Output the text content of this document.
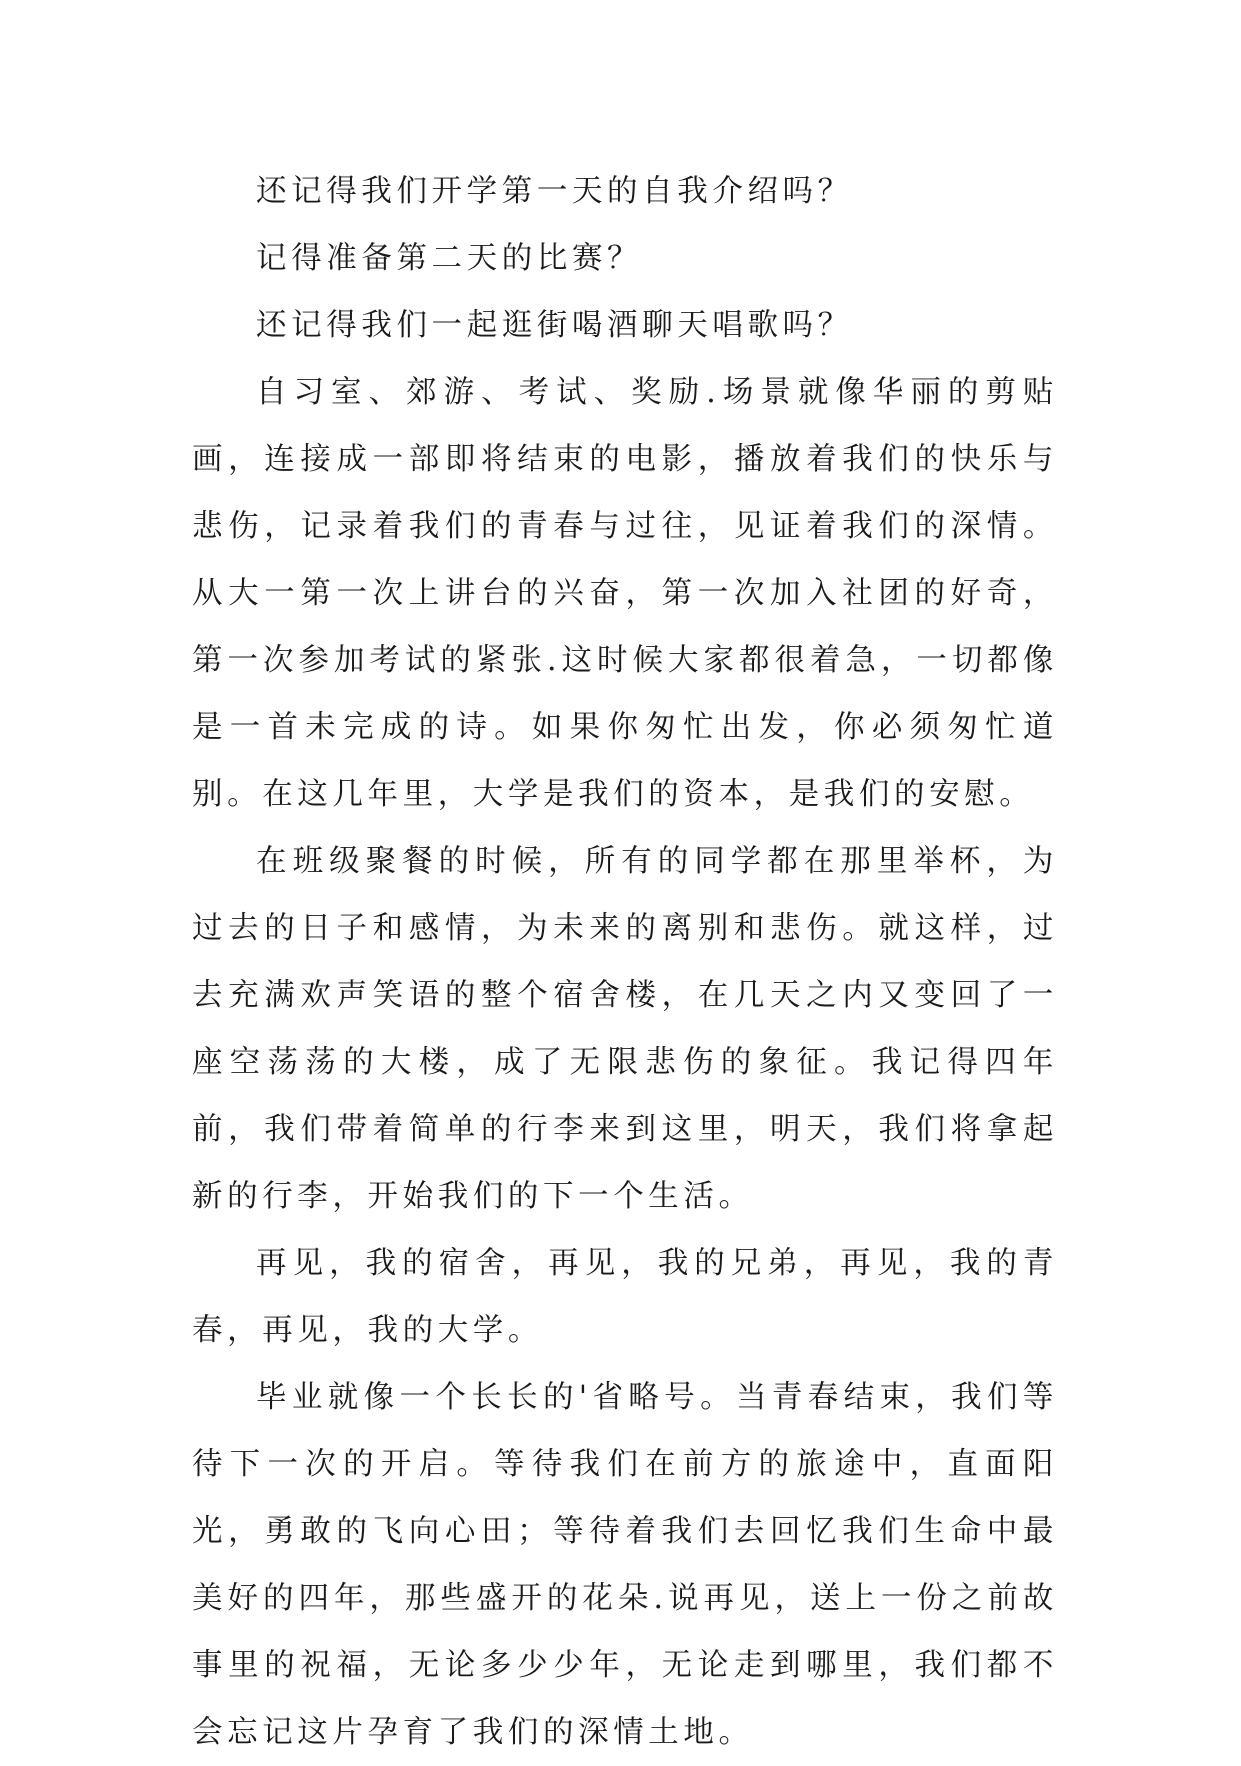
还记得我们开学第一天的自我介绍吗？

记得准备第二天的比赛？

还记得我们一起逛街喝酒聊天唱歌吗？

自习室、郊游、考试、奖励.场景就像华丽的剪贴画，连接成一部即将结束的电影，播放着我们的快乐与悲伤，记录着我们的青春与过往，见证着我们的深情。从大一第一次上讲台的兴奋，第一次加入社团的好奇，第一次参加考试的紧张.这时候大家都很着急，一切都像是一首未完成的诗。如果你匆忙出发，你必须匆忙道别。在这几年里，大学是我们的资本，是我们的安慰。

在班级聚餐的时候，所有的同学都在那里举杯，为过去的日子和感情，为未来的离别和悲伤。就这样，过去充满欢声笑语的整个宿舍楼，在几天之内又变回了一座空荡荡的大楼，成了无限悲伤的象征。我记得四年前，我们带着简单的行李来到这里，明天，我们将拿起新的行李，开始我们的下一个生活。

再见，我的宿舍，再见，我的兄弟，再见，我的青春，再见，我的大学。

毕业就像一个长长的'省略号。当青春结束，我们等待下一次的开启。等待我们在前方的旅途中，直面阳光，勇敢的飞向心田；等待着我们去回忆我们生命中最美好的四年，那些盛开的花朵.说再见，送上一份之前故事里的祝福，无论多少少年，无论走到哪里，我们都不会忘记这片孕育了我们的深情土地。
